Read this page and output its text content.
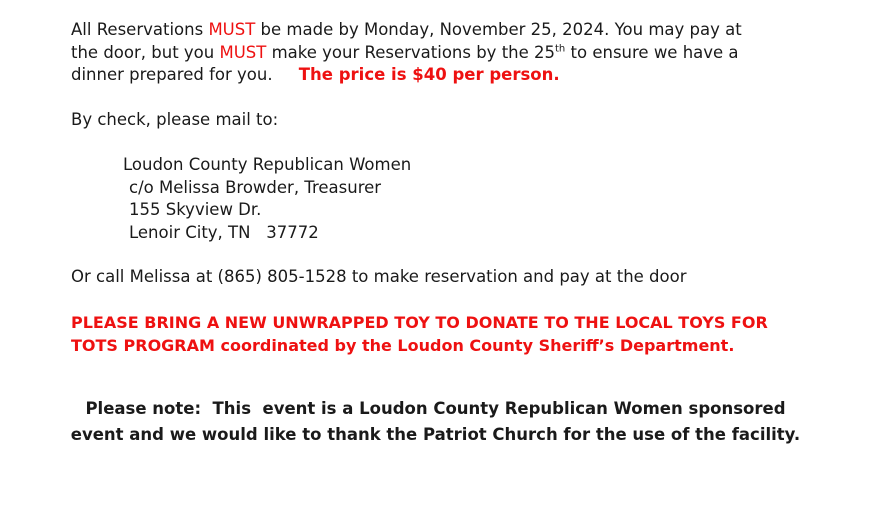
All Reservations MUST be made by Monday, November 25, 2024. You may pay at
the door, but you MUST make your Reservations by the 25th to ensure we have a
dinner prepared for you.     The price is $40 per person.
By check, please mail to:
Loudon County Republican Women
c/o Melissa Browder, Treasurer
155 Skyview Dr.
Lenoir City, TN   37772
Or call Melissa at (865) 805-1528 to make reservation and pay at the door
PLEASE BRING A NEW UNWRAPPED TOY TO DONATE TO THE LOCAL TOYS FOR
TOTS PROGRAM coordinated by the Loudon County Sheriff’s Department.
Please note:  This  event is a Loudon County Republican Women sponsored
event and we would like to thank the Patriot Church for the use of the facility.
